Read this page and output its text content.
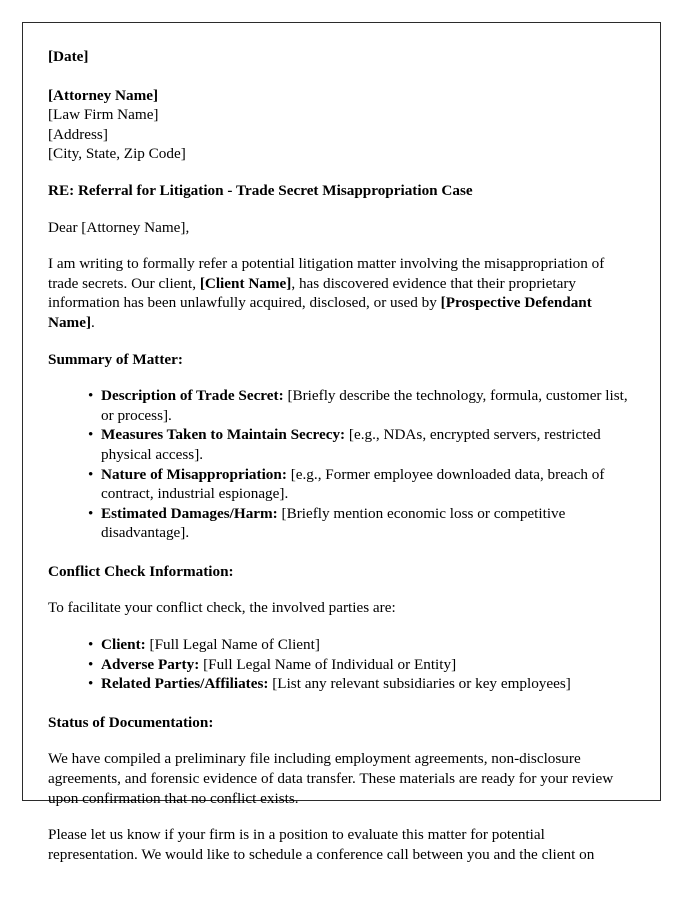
[Date]
[Attorney Name]
[Law Firm Name]
[Address]
[City, State, Zip Code]
RE: Referral for Litigation - Trade Secret Misappropriation Case
Dear [Attorney Name],

I am writing to formally refer a potential litigation matter involving the misappropriation of trade secrets. Our client, [Client Name], has discovered evidence that their proprietary information has been unlawfully acquired, disclosed, or used by [Prospective Defendant Name].

Summary of Matter:
• Description of Trade Secret: [Briefly describe the technology, formula, customer list, or process].
• Measures Taken to Maintain Secrecy: [e.g., NDAs, encrypted servers, restricted physical access].
• Nature of Misappropriation: [e.g., Former employee downloaded data, breach of contract, industrial espionage].
• Estimated Damages/Harm: [Briefly mention economic loss or competitive disadvantage].
Conflict Check Information:

To facilitate your conflict check, the involved parties are:

• Client: [Full Legal Name of Client]
• Adverse Party: [Full Legal Name of Individual or Entity]
• Related Parties/Affiliates: [List any relevant subsidiaries or key employees]
Status of Documentation:

We have compiled a preliminary file including employment agreements, non-disclosure agreements, and forensic evidence of data transfer. These materials are ready for your review upon confirmation that no conflict exists.

Please let us know if your firm is in a position to evaluate this matter for potential representation. We would like to schedule a conference call between you and the client on
